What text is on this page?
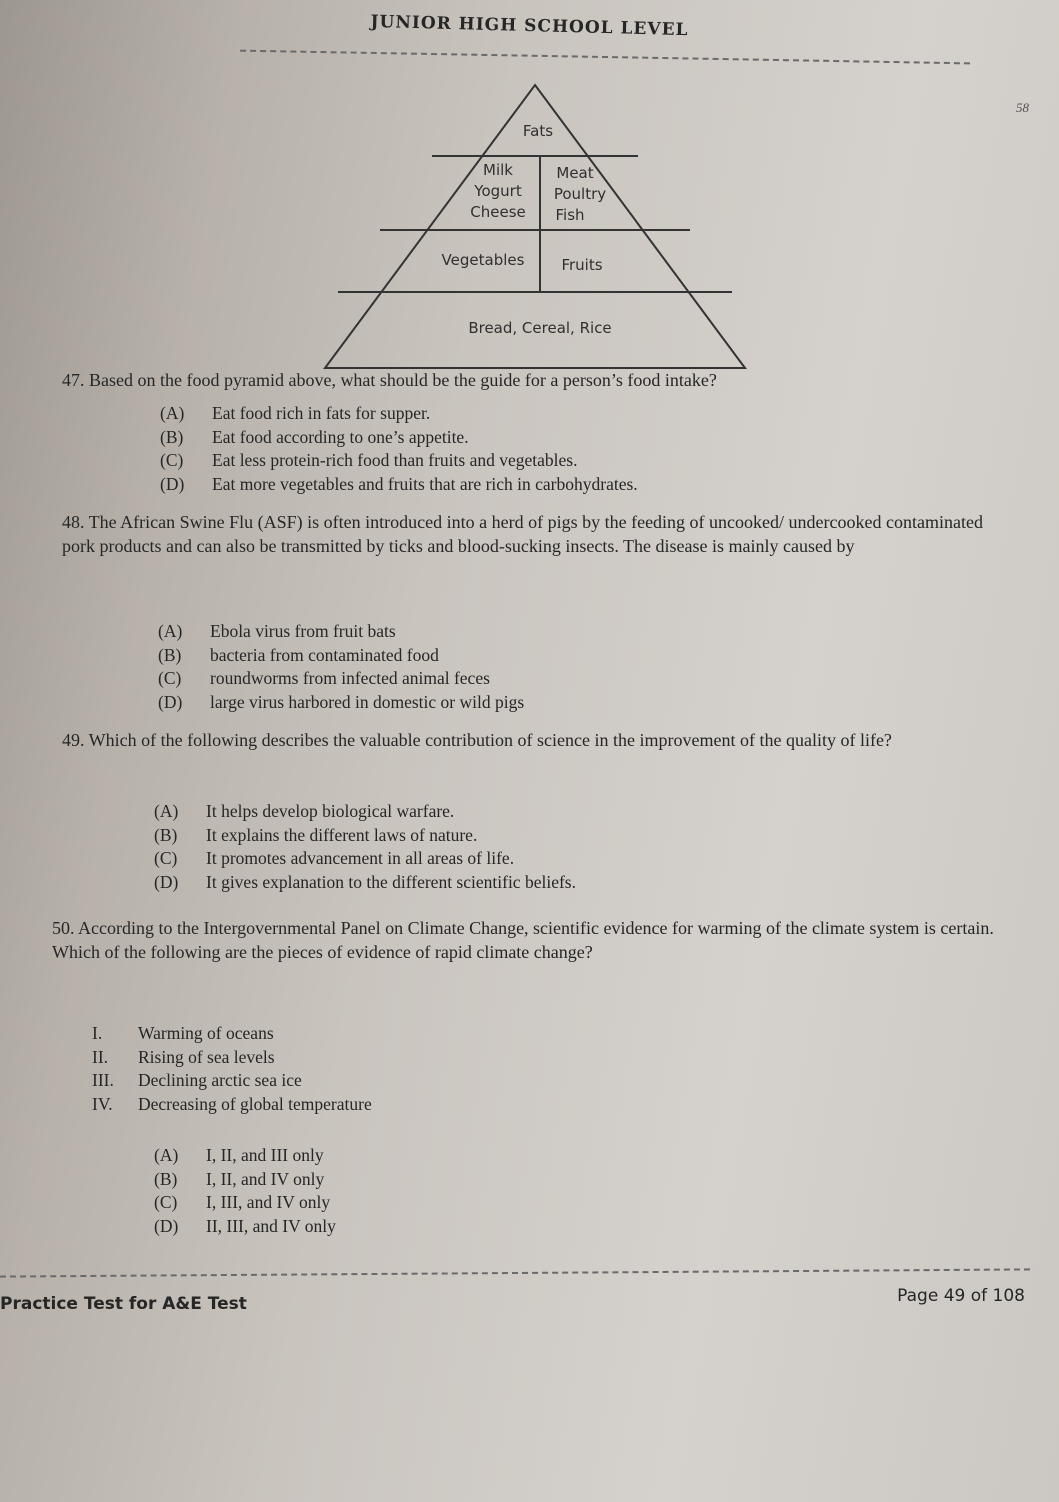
JUNIOR HIGH SCHOOL LEVEL
58
Fats
Milk
Yogurt
Cheese
Meat
Poultry
Fish
Vegetables Fruits
Bread, Cereal, Rice
47. Based on the food pyramid above, what should be the guide for a person’s food intake?
(A)	Eat food rich in fats for supper.
(B)	Eat food according to one’s appetite.
(C)	Eat less protein-rich food than fruits and vegetables.
(D)	Eat more vegetables and fruits that are rich in carbohydrates.
48. The African Swine Flu (ASF) is often introduced into a herd of pigs by the feeding of uncooked/ undercooked contaminated pork products and can also be transmitted by ticks and blood-sucking insects. The disease is mainly caused by
(A)	Ebola virus from fruit bats
(B)	bacteria from contaminated food
(C)	roundworms from infected animal feces
(D)	large virus harbored in domestic or wild pigs
49. Which of the following describes the valuable contribution of science in the improvement of the quality of life?
(A)	It helps develop biological warfare.
(B)	It explains the different laws of nature.
(C)	It promotes advancement in all areas of life.
(D)	It gives explanation to the different scientific beliefs.
50. According to the Intergovernmental Panel on Climate Change, scientific evidence for warming of the climate system is certain. Which of the following are the pieces of evidence of rapid climate change?
I.	Warming of oceans
II.	Rising of sea levels
III.	Declining arctic sea ice
IV.	Decreasing of global temperature
(A)	I, II, and III only
(B)	I, II, and IV only
(C)	I, III, and IV only
(D)	II, III, and IV only
Practice Test for A&E Test	Page 49 of 108
